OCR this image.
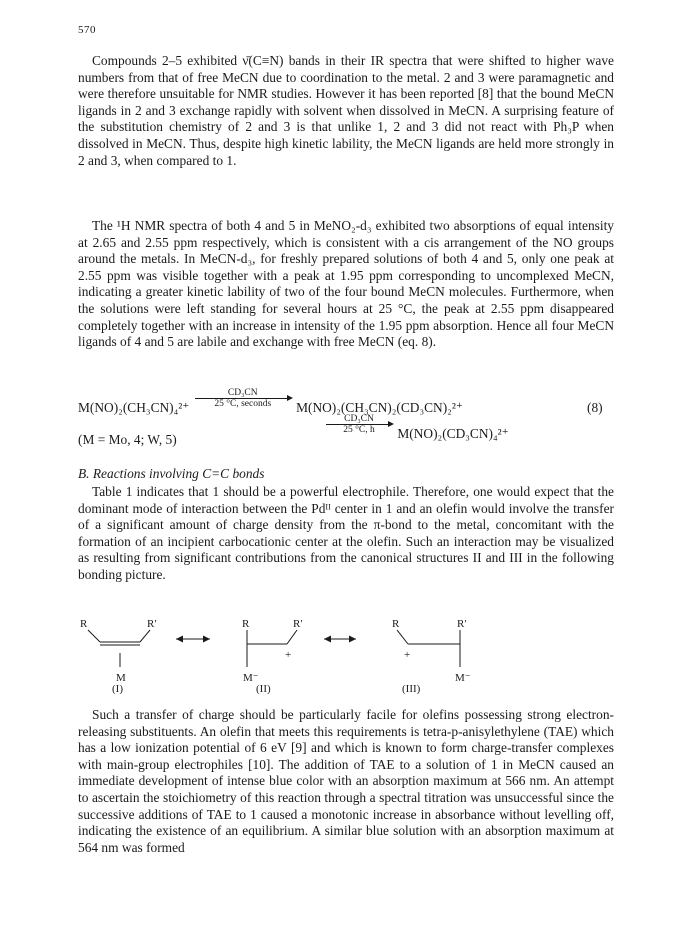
570

Compounds 2–5 exhibited ν̄(C≡N) bands in their IR spectra that were shifted to higher wave numbers from that of free MeCN due to coordination to the metal. 2 and 3 were paramagnetic and were therefore unsuitable for NMR studies. However it has been reported [8] that the bound MeCN ligands in 2 and 3 exchange rapidly with solvent when dissolved in MeCN. A surprising feature of the substitution chemistry of 2 and 3 is that unlike 1, 2 and 3 did not react with Ph₃P when dissolved in MeCN. Thus, despite high kinetic lability, the MeCN ligands are held more strongly in 2 and 3, when compared to 1.

The ¹H NMR spectra of both 4 and 5 in MeNO₂-d₃ exhibited two absorptions of equal intensity at 2.65 and 2.55 ppm respectively, which is consistent with a cis arrangement of the NO groups around the metals. In MeCN-d₃, for freshly prepared solutions of both 4 and 5, only one peak at 2.55 ppm was visible together with a peak at 1.95 ppm corresponding to uncomplexed MeCN, indicating a greater kinetic lability of two of the four bound MeCN molecules. Furthermore, when the solutions were left standing for several hours at 25 °C, the peak at 2.55 ppm disappeared completely together with an increase in intensity of the 1.95 ppm absorption. Hence all four MeCN ligands of 4 and 5 are labile and exchange with free MeCN (eq. 8).

M(NO)₂(CH₃CN)₄²⁺
CD₃CN
25 °C, seconds	M(NO)₂(CH₃CN)₂(CD₃CN)₂²⁺	(8)
(M = Mo, 4; W, 5)
$\frac{\text{CD₃CN}}{25 ^\circ C, h} M(NO)_2(CD_3CN)_4^{2+}$
B. Reactions involving C=C bonds

Table 1 indicates that 1 should be a powerful electrophile. Therefore, one would expect that the dominant mode of interaction between the Pdᴵᴵ center in 1 and an olefin would involve the transfer of a significant amount of charge density from the π-bond to the metal, concomitant with the formation of an incipient carbocationic center at the olefin. Such an interaction may be visualized as resulting from significant contributions from the canonical structures II and III in the following bonding picture.

R	R′
M
R	R′
+
M⁻
R	R′
+
M⁻
(I)	(II)	(III)

Such a transfer of charge should be particularly facile for olefins possessing strong electron-releasing substituents. An olefin that meets this requirements is tetra-p-anisylethylene (TAE) which has a low ionization potential of 6 eV [9] and which is known to form charge-transfer complexes with main-group electrophiles [10]. The addition of TAE to a solution of 1 in MeCN caused an immediate development of intense blue color with an absorption maximum at 566 nm. An attempt to ascertain the stoichiometry of this reaction through a spectral titration was unsuccessful since the successive additions of TAE to 1 caused a monotonic increase in absorbance without levelling off, indicating the existence of an equilibrium. A similar blue solution with an absorption maximum at 564 nm was formed
